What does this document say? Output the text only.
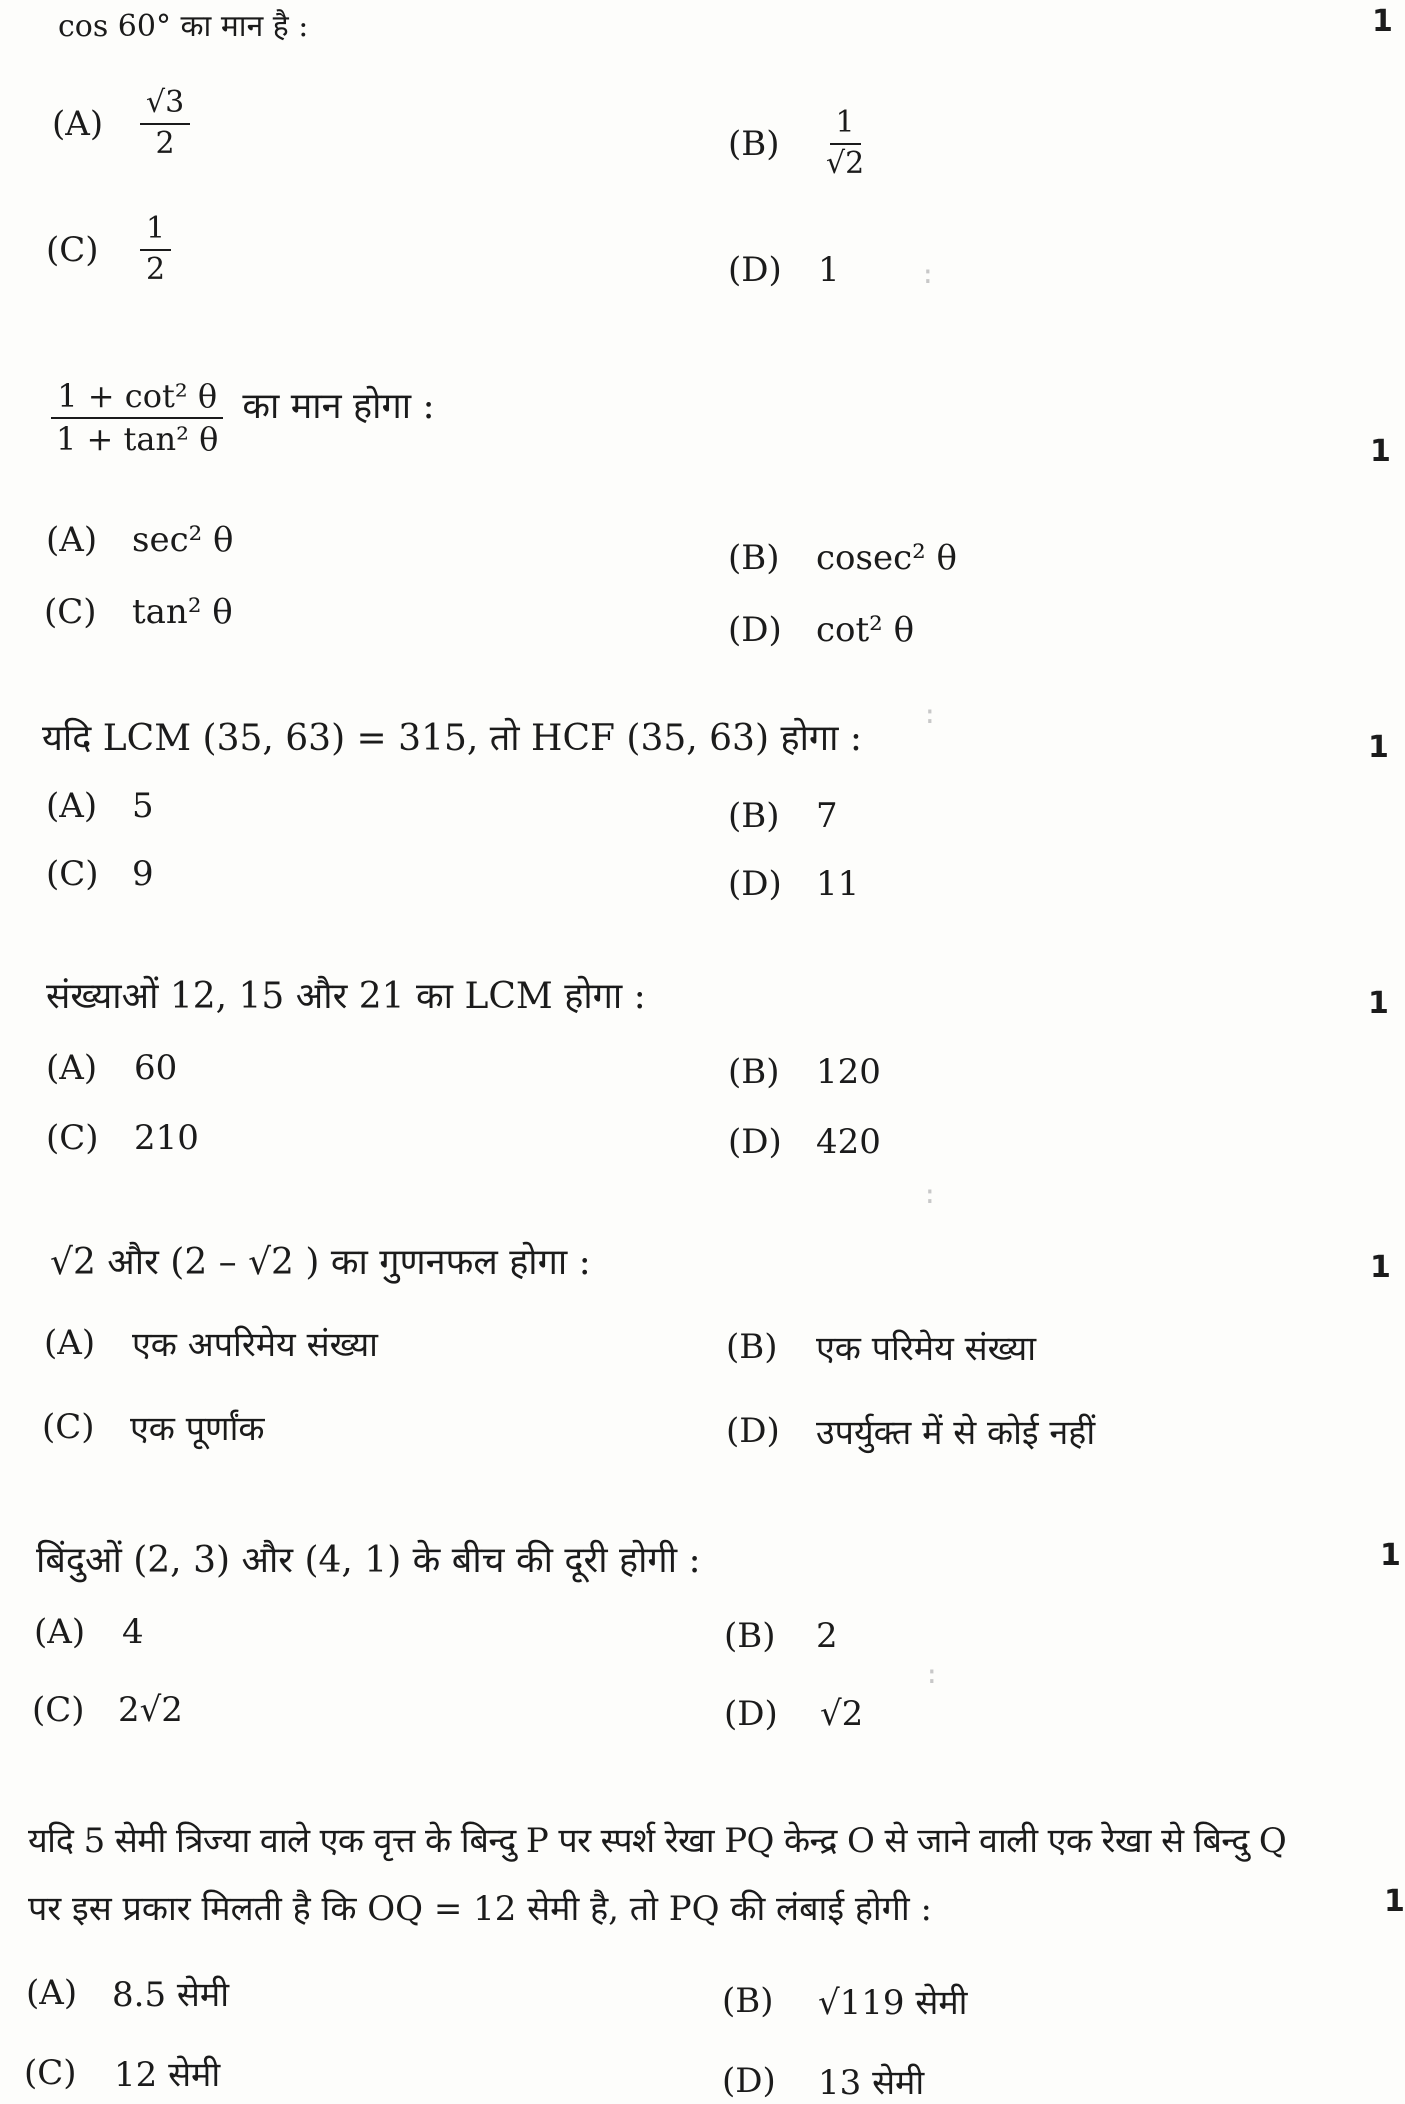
cos 60° का मान है :	1
(A)	$\frac{√3}{2}$	(B)	$\frac{1}{√2}$
(C)	$\frac{1}{2}$	(D)	1
$\frac{\text{1 + cot² θ}}{\text{1 + tan² θ}}$ का मान होगा :
1
(A)	sec² θ	(B)	cosec² θ
(C)	tan² θ	(D)	cot² θ
यदि LCM (35, 63) = 315, तो HCF (35, 63) होगा :	1
(A)	5	(B)	7
(C) 9	(D)	11
संख्याओं 12, 15 और 21 का LCM होगा :	1
(A)	60	(B)	120
(C)	210	(D)	420
√2 और (2 – √2 ) का गुणनफल होगा :	1
(A)	एक अपरिमेय संख्या	(B)	एक परिमेय संख्या
(C)	एक पूर्णांक	(D)	उपर्युक्त में से कोई नहीं
बिंदुओं (2, 3) और (4, 1) के बीच की दूरी होगी :	1
(A)	4	(B)	2
(C) 2√2	(D)	√2
यदि 5 सेमी त्रिज्या वाले एक वृत्त के बिन्दु P पर स्पर्श रेखा PQ केन्द्र O से जाने वाली एक रेखा से बिन्दु Q
पर इस प्रकार मिलती है कि OQ = 12 सेमी है, तो PQ की लंबाई होगी :	1
(A)	8.5 सेमी	(B)	√119 सेमी
(C)	12 सेमी	(D)	13 सेमी
:
:
:
:
